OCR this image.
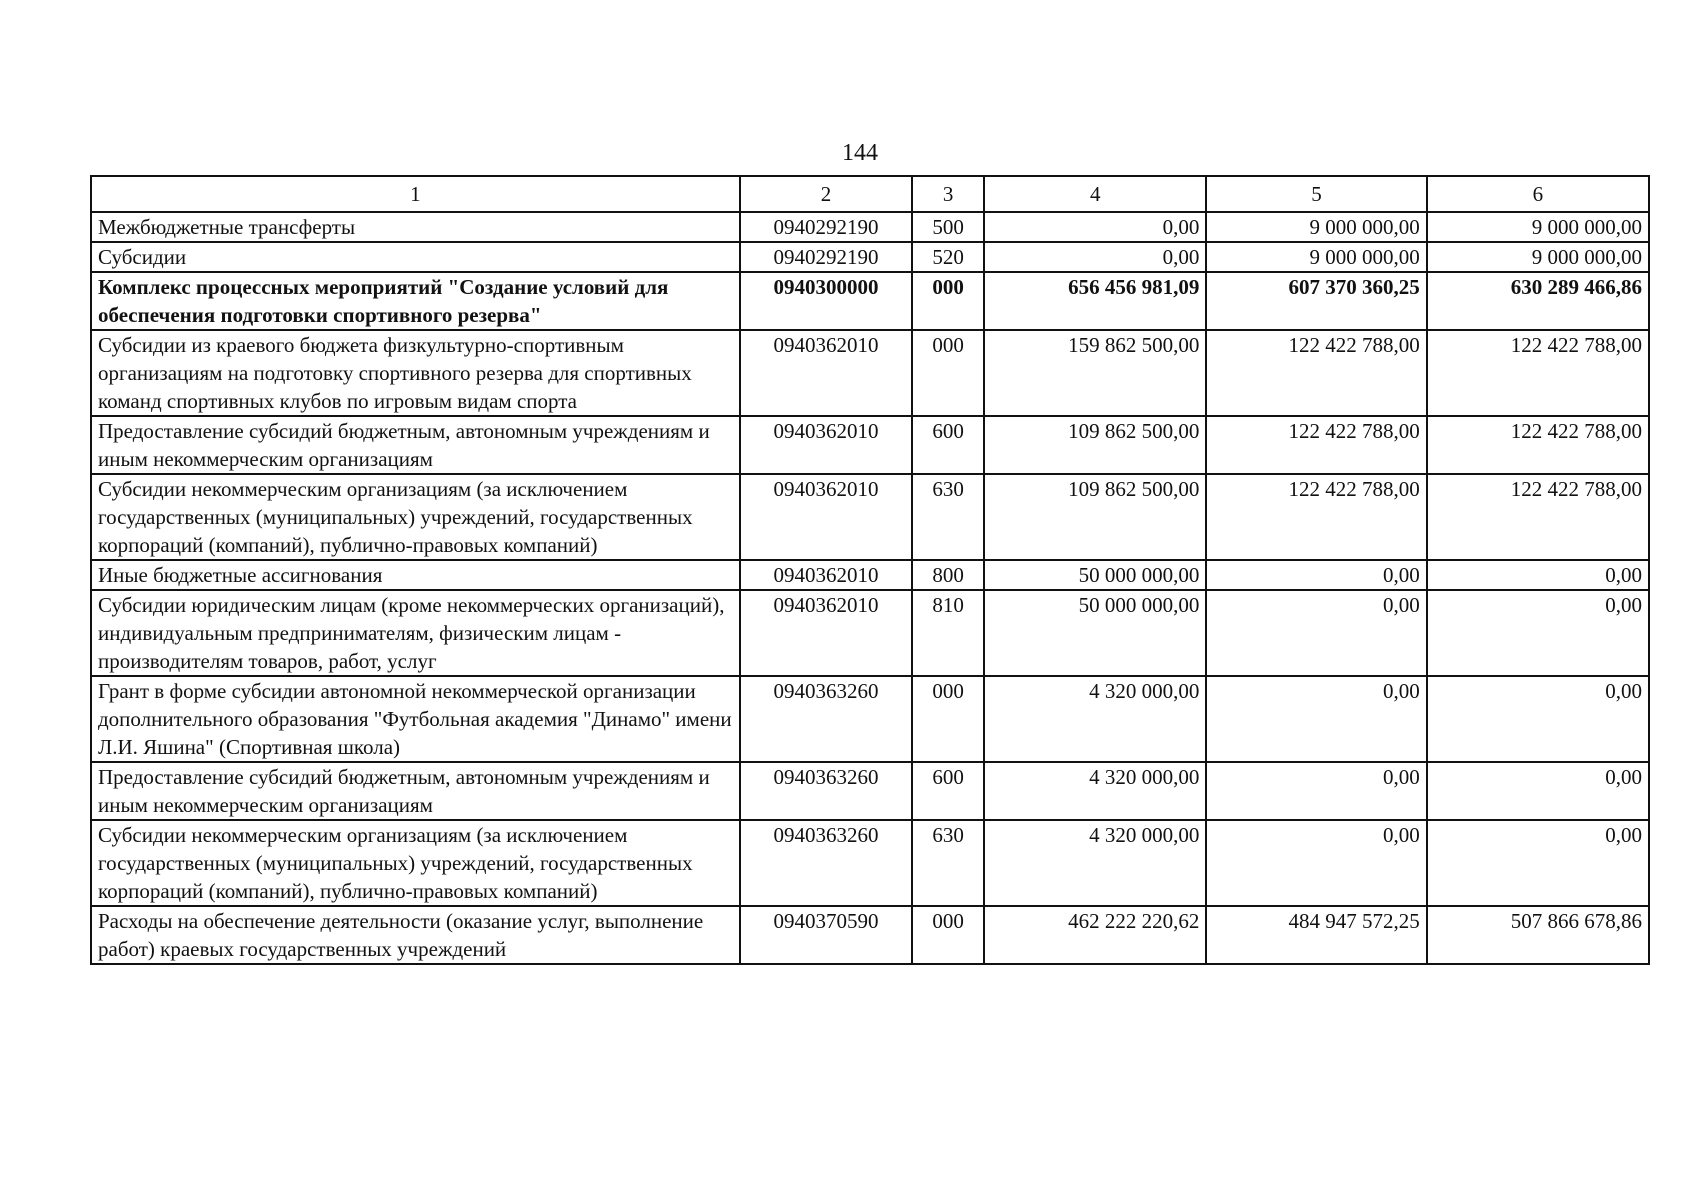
144
1	2	3	4	5	6
Межбюджетные трансферты	0940292190	500	0,00	9 000 000,00	9 000 000,00
Субсидии	0940292190	520	0,00	9 000 000,00	9 000 000,00
Комплекс процессных мероприятий "Создание условий для обеспечения подготовки спортивного резерва"	0940300000	000	656 456 981,09	607 370 360,25	630 289 466,86
Субсидии из краевого бюджета физкультурно-спортивным организациям на подготовку спортивного резерва для спортивных команд спортивных клубов по игровым видам спорта	0940362010	000	159 862 500,00	122 422 788,00	122 422 788,00
Предоставление субсидий бюджетным, автономным учреждениям и иным некоммерческим организациям	0940362010	600	109 862 500,00	122 422 788,00	122 422 788,00
Субсидии некоммерческим организациям (за исключением государственных (муниципальных) учреждений, государственных корпораций (компаний), публично-правовых компаний)	0940362010	630	109 862 500,00	122 422 788,00	122 422 788,00
Иные бюджетные ассигнования	0940362010	800	50 000 000,00	0,00	0,00
Субсидии юридическим лицам (кроме некоммерческих организаций), индивидуальным предпринимателям, физическим лицам - производителям товаров, работ, услуг	0940362010	810	50 000 000,00	0,00	0,00
Грант в форме субсидии автономной некоммерческой организации дополнительного образования "Футбольная академия "Динамо" имени Л.И. Яшина" (Спортивная школа)	0940363260	000	4 320 000,00	0,00	0,00
Предоставление субсидий бюджетным, автономным учреждениям и иным некоммерческим организациям	0940363260	600	4 320 000,00	0,00	0,00
Субсидии некоммерческим организациям (за исключением государственных (муниципальных) учреждений, государственных корпораций (компаний), публично-правовых компаний)	0940363260	630	4 320 000,00	0,00	0,00
Расходы на обеспечение деятельности (оказание услуг, выполнение работ) краевых государственных учреждений	0940370590	000	462 222 220,62	484 947 572,25	507 866 678,86
